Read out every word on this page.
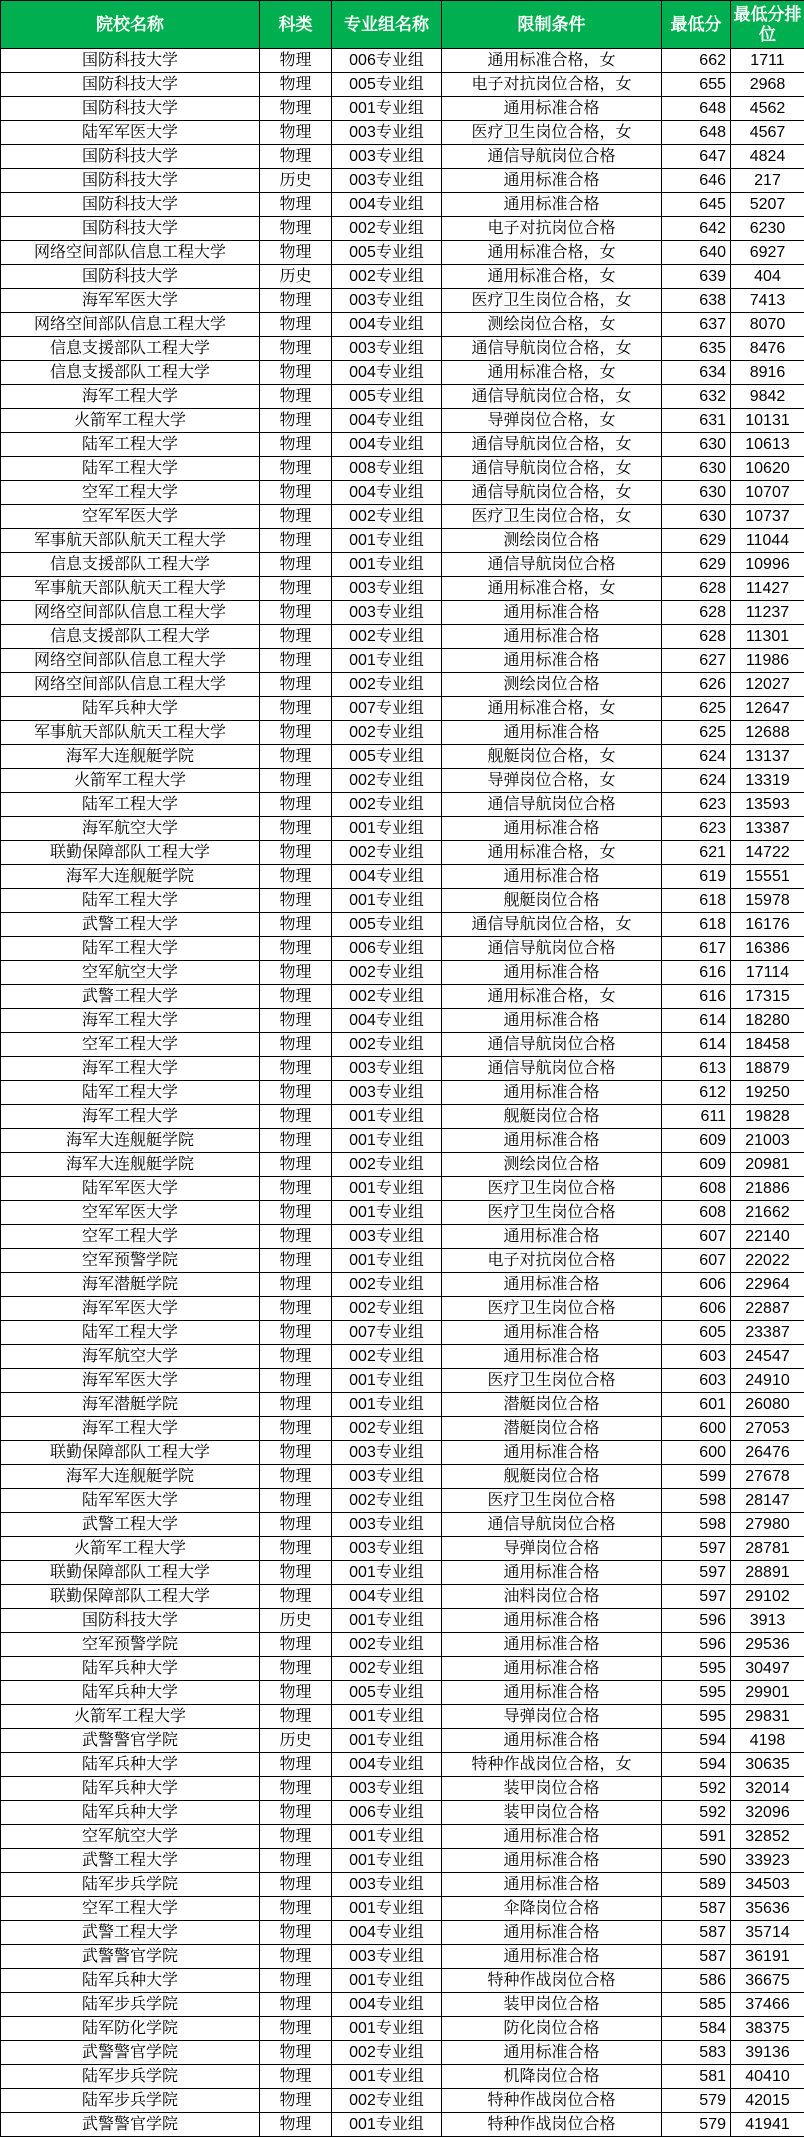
院校名称	科类	专业组名称	限制条件	最低分	最低分排位
国防科技大学	物理	006专业组	通用标准合格，女	662	1711
国防科技大学	物理	005专业组	电子对抗岗位合格，女	655	2968
国防科技大学	物理	001专业组	通用标准合格	648	4562
陆军军医大学	物理	003专业组	医疗卫生岗位合格，女	648	4567
国防科技大学	物理	003专业组	通信导航岗位合格	647	4824
国防科技大学	历史	003专业组	通用标准合格	646	217
国防科技大学	物理	004专业组	通用标准合格	645	5207
国防科技大学	物理	002专业组	电子对抗岗位合格	642	6230
网络空间部队信息工程大学	物理	005专业组	通用标准合格，女	640	6927
国防科技大学	历史	002专业组	通用标准合格，女	639	404
海军军医大学	物理	003专业组	医疗卫生岗位合格，女	638	7413
网络空间部队信息工程大学	物理	004专业组	测绘岗位合格，女	637	8070
信息支援部队工程大学	物理	003专业组	通信导航岗位合格，女	635	8476
信息支援部队工程大学	物理	004专业组	通用标准合格，女	634	8916
海军工程大学	物理	005专业组	通信导航岗位合格，女	632	9842
火箭军工程大学	物理	004专业组	导弹岗位合格，女	631	10131
陆军工程大学	物理	004专业组	通信导航岗位合格，女	630	10613
陆军工程大学	物理	008专业组	通信导航岗位合格，女	630	10620
空军工程大学	物理	004专业组	通信导航岗位合格，女	630	10707
空军军医大学	物理	002专业组	医疗卫生岗位合格，女	630	10737
军事航天部队航天工程大学	物理	001专业组	测绘岗位合格	629	11044
信息支援部队工程大学	物理	001专业组	通信导航岗位合格	629	10996
军事航天部队航天工程大学	物理	003专业组	通用标准合格，女	628	11427
网络空间部队信息工程大学	物理	003专业组	通用标准合格	628	11237
信息支援部队工程大学	物理	002专业组	通用标准合格	628	11301
网络空间部队信息工程大学	物理	001专业组	通用标准合格	627	11986
网络空间部队信息工程大学	物理	002专业组	测绘岗位合格	626	12027
陆军兵种大学	物理	007专业组	通用标准合格，女	625	12647
军事航天部队航天工程大学	物理	002专业组	通用标准合格	625	12688
海军大连舰艇学院	物理	005专业组	舰艇岗位合格，女	624	13137
火箭军工程大学	物理	002专业组	导弹岗位合格，女	624	13319
陆军工程大学	物理	002专业组	通信导航岗位合格	623	13593
海军航空大学	物理	001专业组	通用标准合格	623	13387
联勤保障部队工程大学	物理	002专业组	通用标准合格，女	621	14722
海军大连舰艇学院	物理	004专业组	通用标准合格	619	15551
陆军工程大学	物理	001专业组	舰艇岗位合格	618	15978
武警工程大学	物理	005专业组	通信导航岗位合格，女	618	16176
陆军工程大学	物理	006专业组	通信导航岗位合格	617	16386
空军航空大学	物理	002专业组	通用标准合格	616	17114
武警工程大学	物理	002专业组	通用标准合格，女	616	17315
海军工程大学	物理	004专业组	通用标准合格	614	18280
空军工程大学	物理	002专业组	通信导航岗位合格	614	18458
海军工程大学	物理	003专业组	通信导航岗位合格	613	18879
陆军工程大学	物理	003专业组	通用标准合格	612	19250
海军工程大学	物理	001专业组	舰艇岗位合格	611	19828
海军大连舰艇学院	物理	001专业组	通用标准合格	609	21003
海军大连舰艇学院	物理	002专业组	测绘岗位合格	609	20981
陆军军医大学	物理	001专业组	医疗卫生岗位合格	608	21886
空军军医大学	物理	001专业组	医疗卫生岗位合格	608	21662
空军工程大学	物理	003专业组	通用标准合格	607	22140
空军预警学院	物理	001专业组	电子对抗岗位合格	607	22022
海军潜艇学院	物理	002专业组	通用标准合格	606	22964
海军军医大学	物理	002专业组	医疗卫生岗位合格	606	22887
陆军工程大学	物理	007专业组	通用标准合格	605	23387
海军航空大学	物理	002专业组	通用标准合格	603	24547
海军军医大学	物理	001专业组	医疗卫生岗位合格	603	24910
海军潜艇学院	物理	001专业组	潜艇岗位合格	601	26080
海军工程大学	物理	002专业组	潜艇岗位合格	600	27053
联勤保障部队工程大学	物理	003专业组	通用标准合格	600	26476
海军大连舰艇学院	物理	003专业组	舰艇岗位合格	599	27678
陆军军医大学	物理	002专业组	医疗卫生岗位合格	598	28147
武警工程大学	物理	003专业组	通信导航岗位合格	598	27980
火箭军工程大学	物理	003专业组	导弹岗位合格	597	28781
联勤保障部队工程大学	物理	001专业组	通用标准合格	597	28891
联勤保障部队工程大学	物理	004专业组	油料岗位合格	597	29102
国防科技大学	历史	001专业组	通用标准合格	596	3913
空军预警学院	物理	002专业组	通用标准合格	596	29536
陆军兵种大学	物理	002专业组	通用标准合格	595	30497
陆军兵种大学	物理	005专业组	通用标准合格	595	29901
火箭军工程大学	物理	001专业组	导弹岗位合格	595	29831
武警警官学院	历史	001专业组	通用标准合格	594	4198
陆军兵种大学	物理	004专业组	特种作战岗位合格，女	594	30635
陆军兵种大学	物理	003专业组	装甲岗位合格	592	32014
陆军兵种大学	物理	006专业组	装甲岗位合格	592	32096
空军航空大学	物理	001专业组	通用标准合格	591	32852
武警工程大学	物理	001专业组	通用标准合格	590	33923
陆军步兵学院	物理	003专业组	通用标准合格	589	34503
空军工程大学	物理	001专业组	伞降岗位合格	587	35636
武警工程大学	物理	004专业组	通用标准合格	587	35714
武警警官学院	物理	003专业组	通用标准合格	587	36191
陆军兵种大学	物理	001专业组	特种作战岗位合格	586	36675
陆军步兵学院	物理	004专业组	装甲岗位合格	585	37466
陆军防化学院	物理	001专业组	防化岗位合格	584	38375
武警警官学院	物理	002专业组	通用标准合格	583	39136
陆军步兵学院	物理	001专业组	机降岗位合格	581	40410
陆军步兵学院	物理	002专业组	特种作战岗位合格	579	42015
武警警官学院	物理	001专业组	特种作战岗位合格	579	41941
